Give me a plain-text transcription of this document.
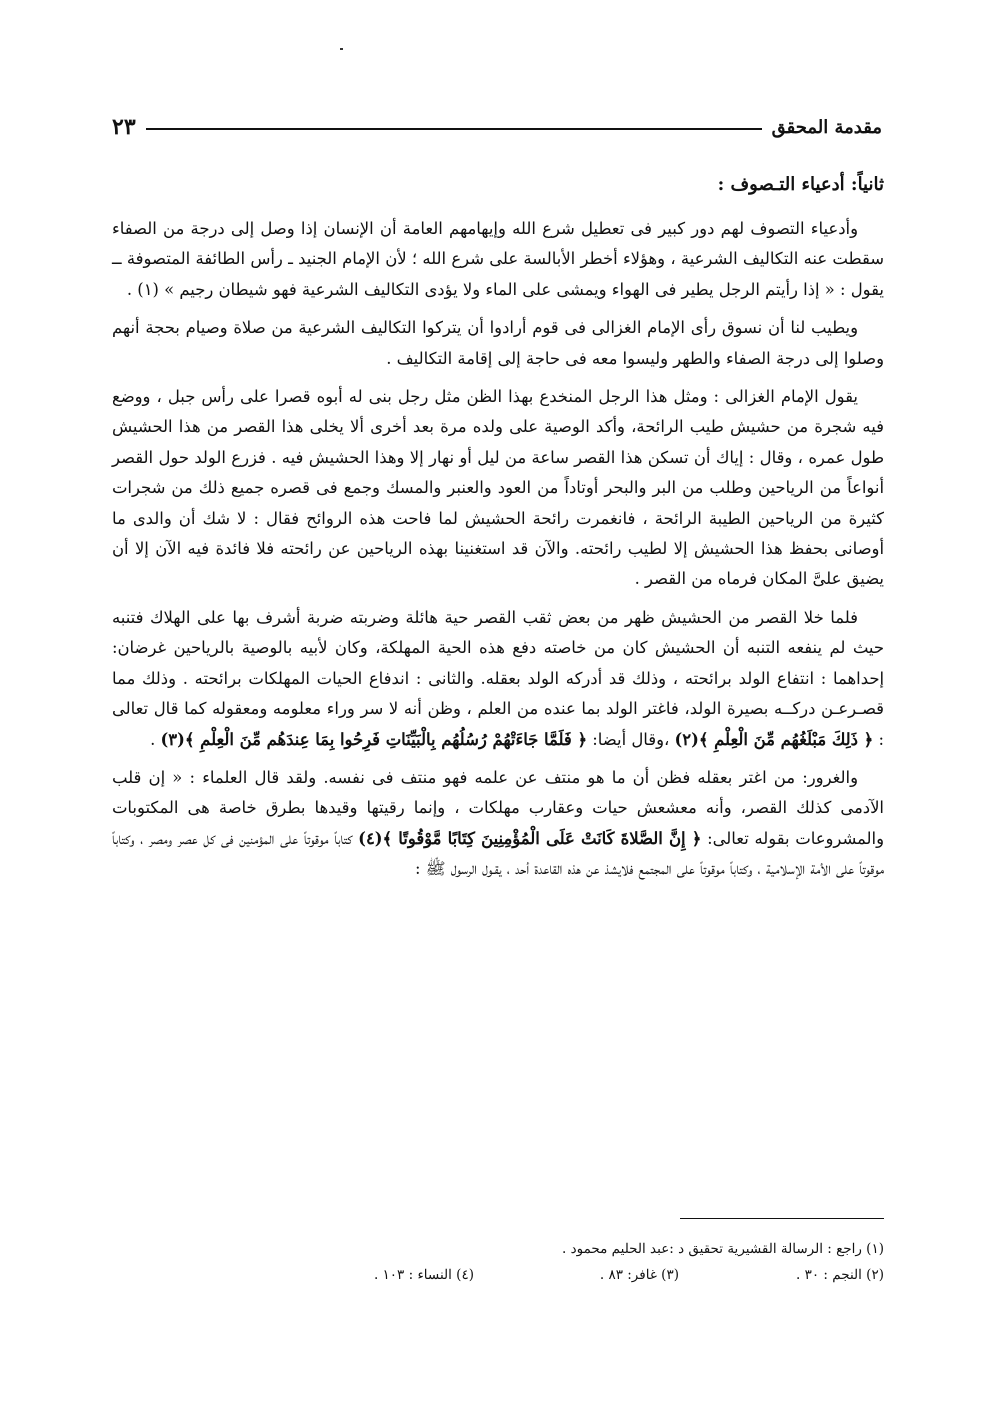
مقدمة المحقق
٢٣
ثانياً: أدعياء التـصوف :

وأدعياء التصوف لهم دور كبير فى تعطيل شرع الله وإيهامهم العامة أن الإنسان إذا وصل إلى درجة من الصفاء سقطت عنه التكاليف الشرعية ، وهؤلاء أخطر الأبالسة على شرع الله ؛ لأن الإمام الجنيد ـ رأس الطائفة المتصوفة ــ يقول : « إذا رأيتم الرجل يطير فى الهواء ويمشى على الماء ولا يؤدى التكاليف الشرعية فهو شيطان رجيم » (١) .

ويطيب لنا أن نسوق رأى الإمام الغزالى فى قوم أرادوا أن يتركوا التكاليف الشرعية من صلاة وصيام بحجة أنهم وصلوا إلى درجة الصفاء والطهر وليسوا معه فى حاجة إلى إقامة التكاليف .

يقول الإمام الغزالى : ومثل هذا الرجل المنخدع بهذا الظن مثل رجل بنى له أبوه قصرا على رأس جبل ، ووضع فيه شجرة من حشيش طيب الرائحة، وأكد الوصية على ولده مرة بعد أخرى ألا يخلى هذا القصر من هذا الحشيش طول عمره ، وقال : إياك أن تسكن هذا القصر ساعة من ليل أو نهار إلا وهذا الحشيش فيه . فزرع الولد حول القصر أنواعاً من الرياحين وطلب من البر والبحر أوتاداً من العود والعنبر والمسك وجمع فى قصره جميع ذلك من شجرات كثيرة من الرياحين الطيبة الرائحة ، فانغمرت رائحة الحشيش لما فاحت هذه الروائح فقال : لا شك أن والدى ما أوصانى بحفظ هذا الحشيش إلا لطيب رائحته. والآن قد استغنينا بهذه الرياحين عن رائحته فلا فائدة فيه الآن إلا أن يضيق علىَّ المكان فرماه من القصر .

فلما خلا القصر من الحشيش ظهر من بعض ثقب القصر حية هائلة وضربته ضربة أشرف بها على الهلاك فتنبه حيث لم ينفعه التنبه أن الحشيش كان من خاصته دفع هذه الحية المهلكة، وكان لأبيه بالوصية بالرياحين غرضان: إحداهما : انتفاع الولد برائحته ، وذلك قد أدركه الولد بعقله. والثانى : اندفاع الحيات المهلكات برائحته . وذلك مما قصـرعـن دركــه بصيرة الولد، فاغتر الولد بما عنده من العلم ، وظن أنه لا سر وراء معلومه ومعقوله كما قال تعالى : ﴿ ذَلِكَ مَبْلَغُهُم مِّنَ الْعِلْمِ ﴾(٢) ،وقال أيضا: ﴿ فَلَمَّا جَاءَتْهُمْ رُسُلُهُم بِالْبَيِّنَاتِ فَرِحُوا بِمَا عِندَهُم مِّنَ الْعِلْمِ ﴾(٣) .

والغرور: من اغتر بعقله فظن أن ما هو منتف عن علمه فهو منتف فى نفسه. ولقد قال العلماء : « إن قلب الآدمى كذلك القصر، وأنه معشعش حيات وعقارب مهلكات ، وإنما رقيتها وقيدها بطرق خاصة هى المكتوبات والمشروعات بقوله تعالى: ﴿ إِنَّ الصَّلاةَ كَانَتْ عَلَى الْمُؤْمِنِينَ كِتَابًا مَّوْقُوتًا ﴾(٤) كتاباً موقوتاً على المؤمنين فى كل عصر ومصر ، وكتاباً موقوتاً على الأمة الإسلامية ، وكتاباً موقوتاً على المجتمع فلايشذ عن هذه القاعدة أحد ، يقـول الرسول ﷺ :

(١) راجع : الرسالة القشيرية تحقيق د :عبد الحليم محمود .
(٢) النجم : ٣٠ .
(٣) غافر: ٨٣ .
(٤) النساء : ١٠٣ .
